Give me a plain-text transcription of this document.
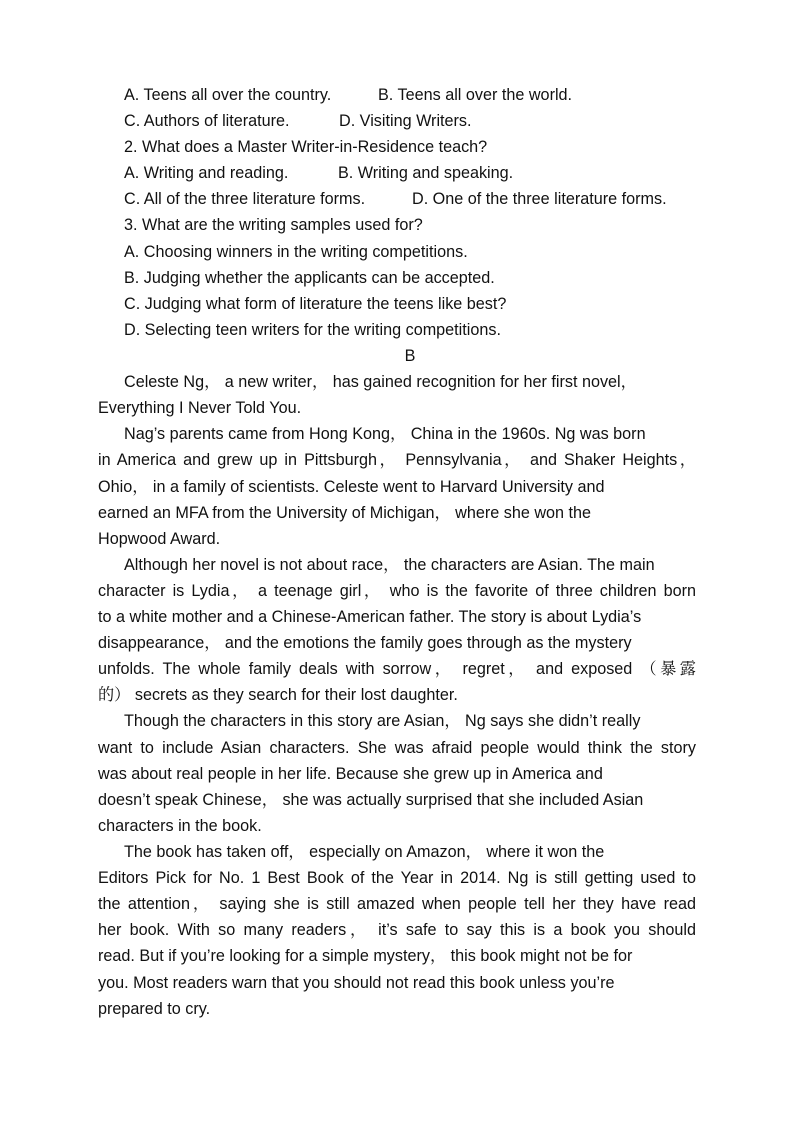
A. Teens all over the country.	B. Teens all over the world.
C. Authors of literature.	D. Visiting Writers.
2. What does a Master Writer-in-Residence teach?
A. Writing and reading.	B. Writing and speaking.
C. All of the three literature forms.	D. One of the three literature forms.
3. What are the writing samples used for?
A. Choosing winners in the writing competitions.
B. Judging whether the applicants can be accepted.
C. Judging what form of literature the teens like best?
D. Selecting teen writers for the writing competitions.
B
Celeste Ng， a new writer， has gained recognition for her first novel，
Everything I Never Told You.
Nag’s parents came from Hong Kong， China in the 1960s. Ng was born
in America and grew up in Pittsburgh， Pennsylvania， and Shaker Heights，
Ohio， in a family of scientists. Celeste went to Harvard University and
earned an MFA from the University of Michigan， where she won the
Hopwood Award.
Although her novel is not about race， the characters are Asian. The main
character is Lydia， a teenage girl， who is the favorite of three children born
to a white mother and a Chinese-American father. The story is about Lydia’s
disappearance， and the emotions the family goes through as the mystery
unfolds. The whole family deals with sorrow， regret， and exposed （暴露
的） secrets as they search for their lost daughter.
Though the characters in this story are Asian， Ng says she didn’t really
want to include Asian characters. She was afraid people would think the story
was about real people in her life. Because she grew up in America and
doesn’t speak Chinese， she was actually surprised that she included Asian
characters in the book.
The book has taken off， especially on Amazon， where it won the
Editors Pick for No. 1 Best Book of the Year in 2014. Ng is still getting used to
the attention， saying she is still amazed when people tell her they have read
her book. With so many readers， it’s safe to say this is a book you should
read. But if you’re looking for a simple mystery， this book might not be for
you. Most readers warn that you should not read this book unless you’re
prepared to cry.
